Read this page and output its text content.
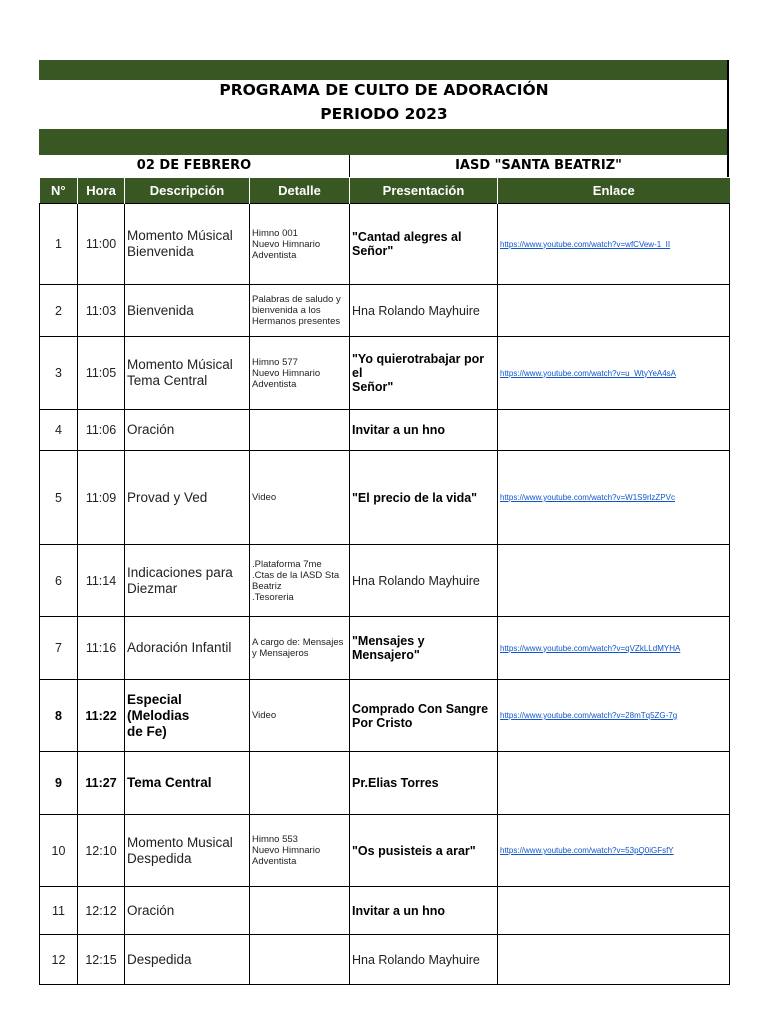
PROGRAMA DE CULTO DE ADORACIÓN
PERIODO 2023
02 DE FEBRERO	IASD "SANTA BEATRIZ"
N°	Hora	Descripción	Detalle	Presentación	Enlace
1	11:00	Momento Músical
Bienvenida	Himno 001
Nuevo Himnario
Adventista	"Cantad alegres al Señor"	https://www.youtube.com/watch?v=wfCVew-1_II
2	11:03	Bienvenida	Palabras de saludo y
bienvenida a los
Hermanos presentes	Hna Rolando Mayhuire	
3	11:05	Momento Músical
Tema Central	Himno 577
Nuevo Himnario
Adventista	"Yo quierotrabajar por el
Señor"	https://www.youtube.com/watch?v=u_WtyYeA4sA
4	11:06	Oración		Invitar a un hno	
5	11:09	Provad y Ved	Video	"El precio de la vida"	https://www.youtube.com/watch?v=W1S9rlzZPVc
6	11:14	Indicaciones para
Diezmar	.Plataforma 7me
.Ctas de la IASD Sta
Beatriz
.Tesoreria	Hna Rolando Mayhuire	
7	11:16	Adoración Infantil	A cargo de: Mensajes
y Mensajeros	"Mensajes y Mensajero"	https://www.youtube.com/watch?v=qVZkLLdMYHA
8	11:22	Especial (Melodias
de Fe)	Video	Comprado Con Sangre
Por Cristo	https://www.youtube.com/watch?v=28mTq5ZG-7g
9	11:27	Tema Central		Pr.Elias Torres	
10	12:10	Momento Musical
Despedida	Himno 553
Nuevo Himnario
Adventista	"Os pusisteis a arar"	https://www.youtube.com/watch?v=53pQ0iGFsfY
11	12:12	Oración		Invitar a un hno	
12	12:15	Despedida		Hna Rolando Mayhuire	
